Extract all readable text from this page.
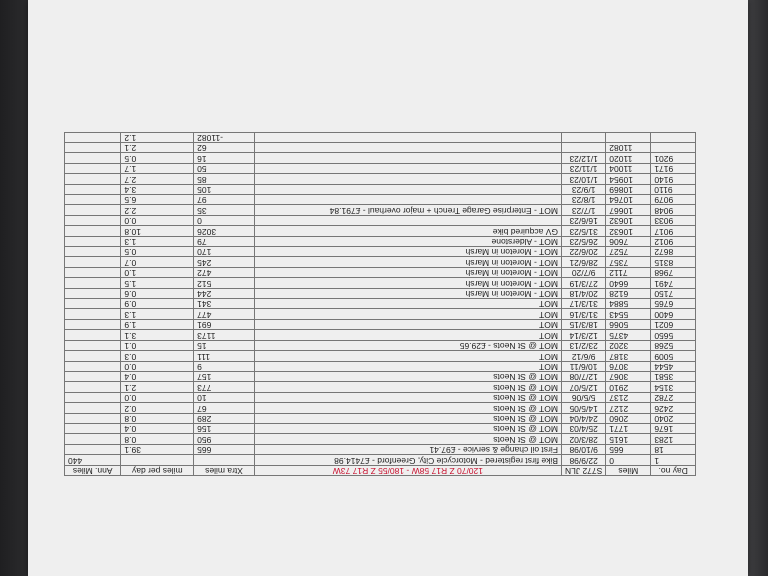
Day no.	Miles	S772 JLN	120/70 Z R17 58W - 180/55 Z R17 73W	Xtra miles	miles per day	Ann. Miles
1	0	22/9/98	Bike first registered - Motorcycle City, Greenford - £7414.98			440
18	665	9/10/98	First oil change & service - £97.41	665	39.1	
1283	1615	28/3/02	MOT @ St Neots	950	0.8	
1676	1771	25/4/03	MOT @ St Neots	156	0.4	
2040	2060	24/4/04	MOT @ St Neots	289	0.8	
2426	2127	14/5/05	MOT @ St Neots	67	0.2	
2782	2137	5/5/06	MOT @ St Neots	10	0.0	
3154	2910	12/5/07	MOT @ St Neots	773	2.1	
3581	3067	12/7/08	MOT @ St Neots	157	0.4	
4544	3076	10/6/11	MOT	9	0.0	
5009	3187	9/6/12	MOT	111	0.3	
5268	3202	23/2/13	MOT @ St Neots - £29.65	15	0.1	
5650	4375	12/3/14	MOT	1173	3.1	
6021	5066	18/3/15	MOT	691	1.9	
6400	5543	31/3/16	MOT	477	1.3	
6765	5884	31/3/17	MOT	341	0.9	
7150	6128	20/4/18	MOT - Moreton in Marsh	244	0.6	
7491	6640	27/3/19	MOT - Moreton in Marsh	512	1.5	
7968	7112	9/7/20	MOT - Moreton in Marsh	472	1.0	
8315	7357	28/6/21	MOT - Moreton in Marsh	245	0.7	
8672	7527	20/6/22	MOT - Moreton in Marsh	170	0.5	
9012	7606	26/5/23	MOT - Alderstone	79	1.3	
9017	10632	31/5/23	GV acquired bike	3026	10.8	
9033	10632	16/6/23		0	0.0	
9048	10667	1/7/23	MOT - Enterprise Garage Trench + major overhaul - £791.84	35	2.2	
9079	10764	1/8/23		97	6.5	
9110	10869	1/9/23		105	3.4	
9140	10954	1/10/23		85	2.7	
9171	11004	1/11/23		50	1.7	
9201	11020	1/12/23		16	0.5	
	11082			62	2.1	
				-11082	1.2	
